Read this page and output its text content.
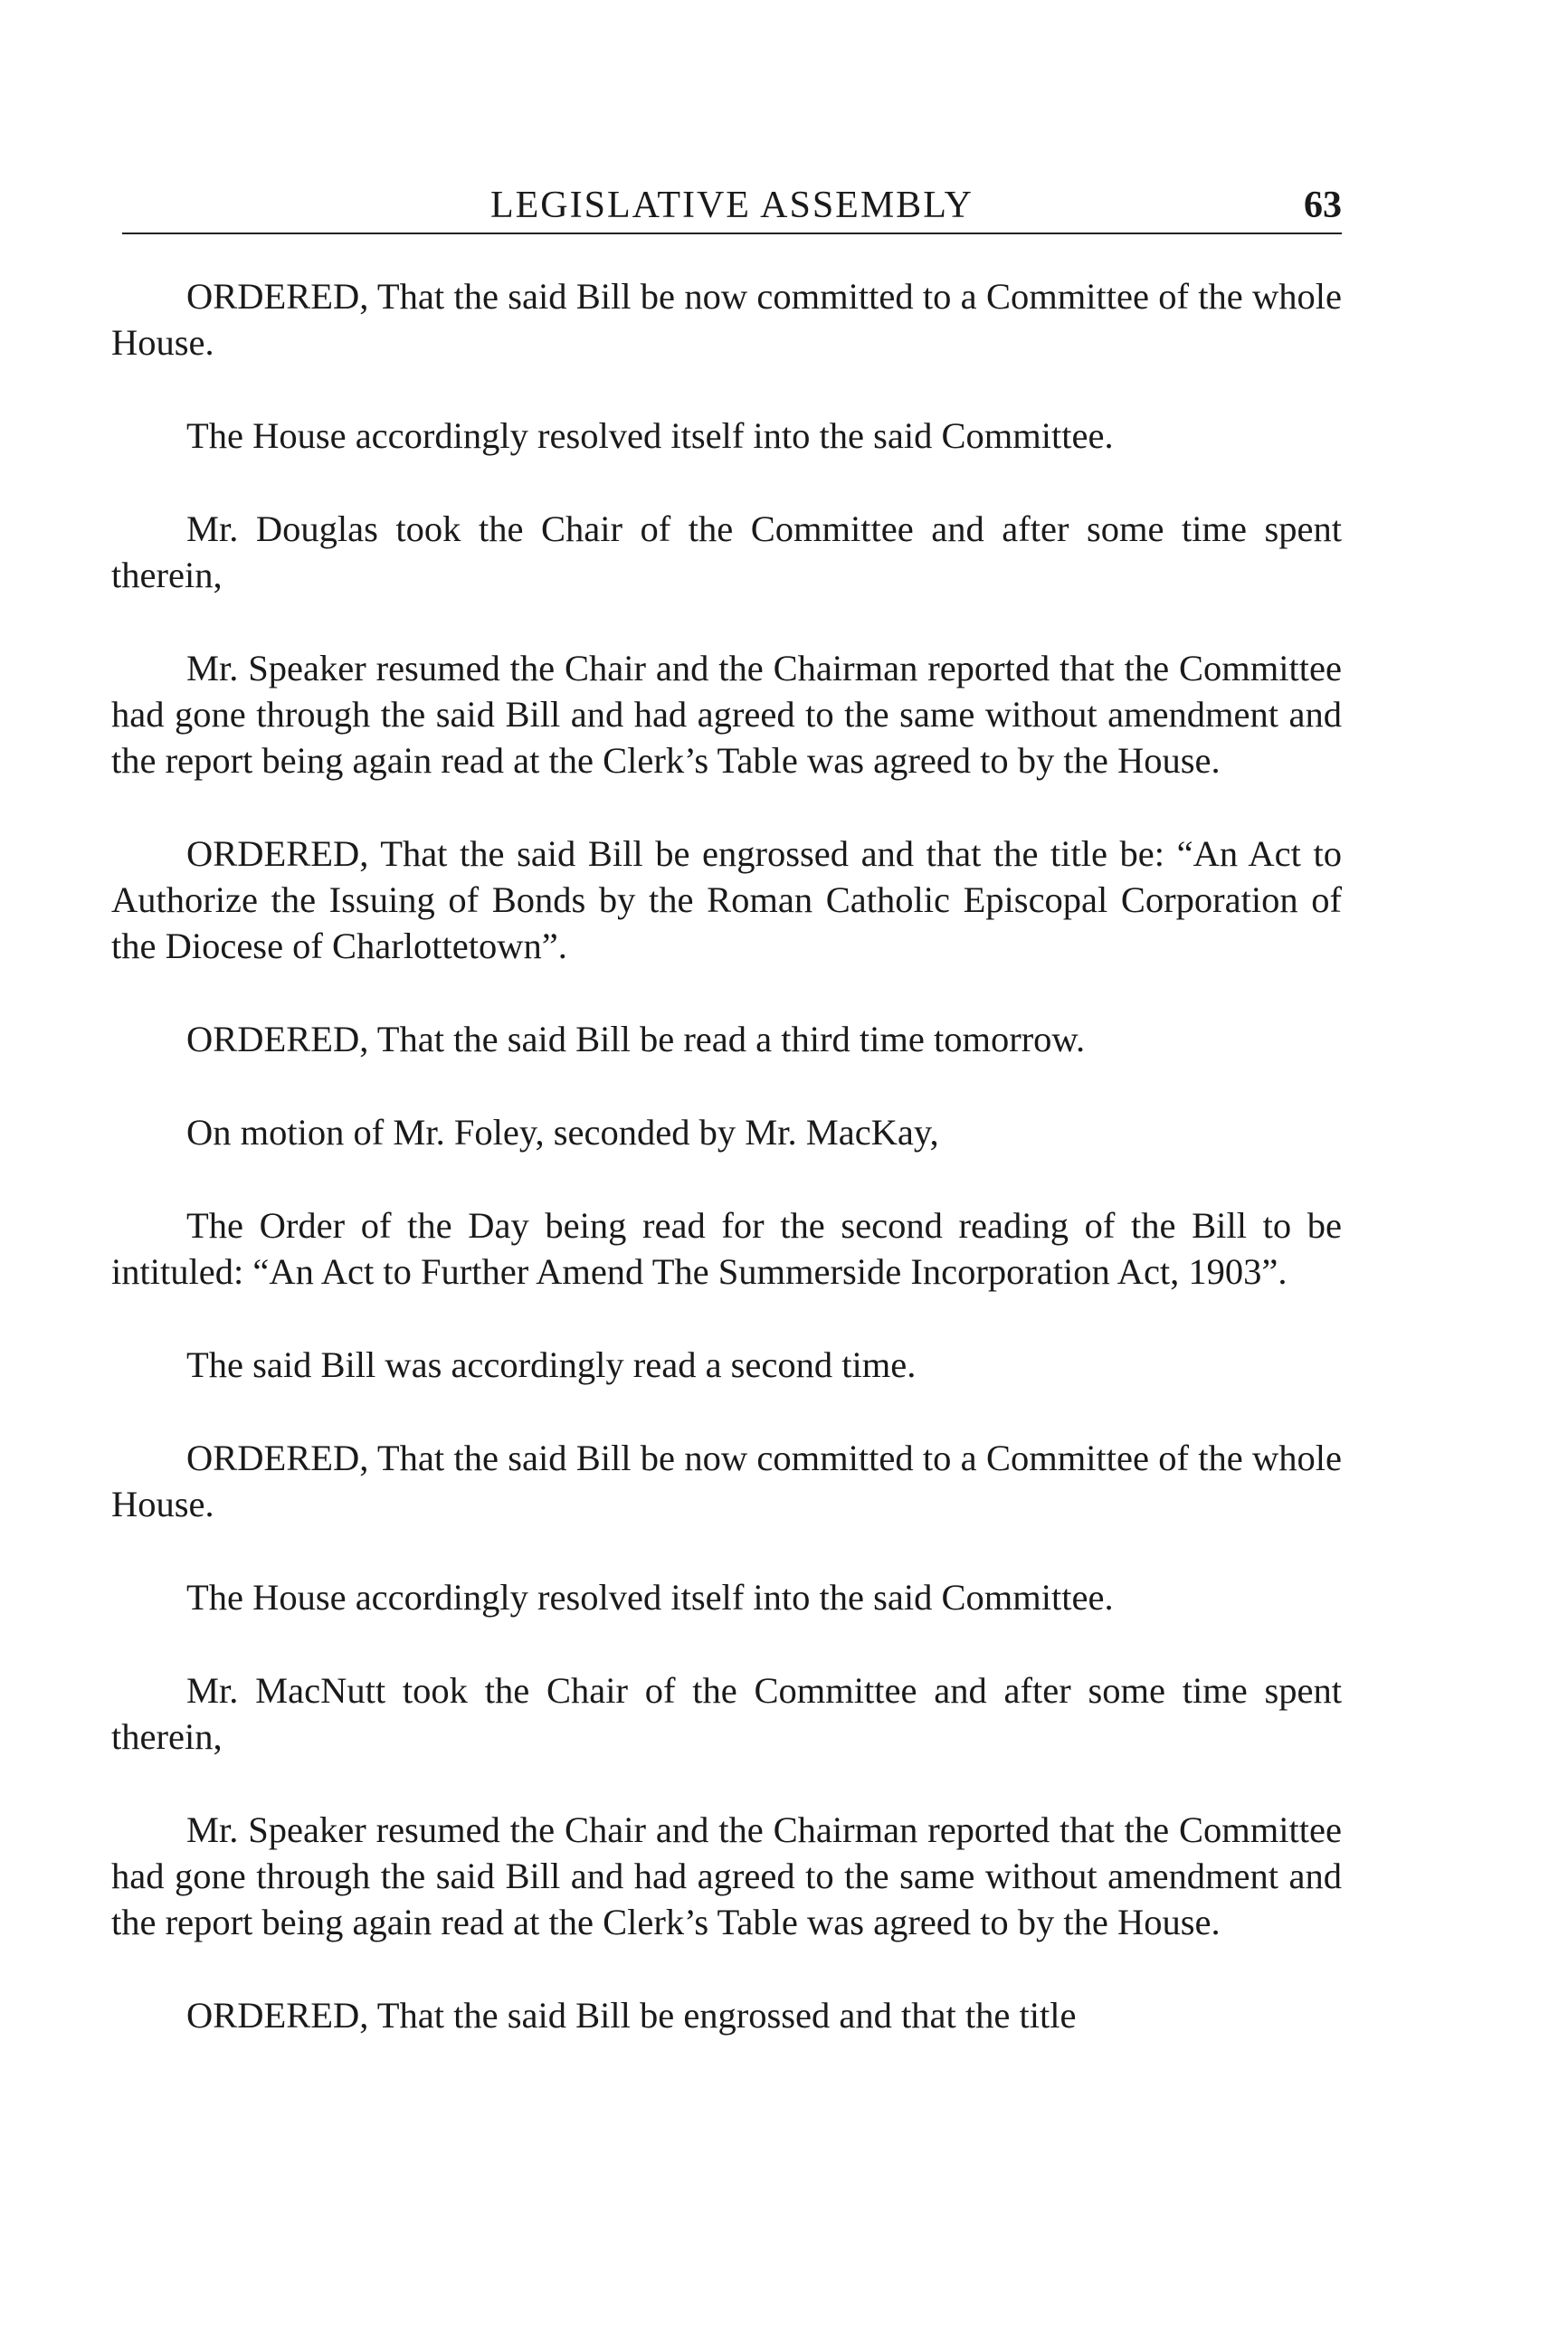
LEGISLATIVE ASSEMBLY	63

ORDERED, That the said Bill be now committed to a Committee of the whole House.

The House accordingly resolved itself into the said Committee.

Mr. Douglas took the Chair of the Committee and after some time spent therein,

Mr. Speaker resumed the Chair and the Chairman reported that the Committee had gone through the said Bill and had agreed to the same without amendment and the report being again read at the Clerk’s Table was agreed to by the House.

ORDERED, That the said Bill be engrossed and that the title be: “An Act to Authorize the Issuing of Bonds by the Roman Catholic Episcopal Corporation of the Diocese of Charlottetown”.

ORDERED, That the said Bill be read a third time tomorrow.

On motion of Mr. Foley, seconded by Mr. MacKay,

The Order of the Day being read for the second reading of the Bill to be intituled: “An Act to Further Amend The Summerside Incorporation Act, 1903”.

The said Bill was accordingly read a second time.

ORDERED, That the said Bill be now committed to a Committee of the whole House.

The House accordingly resolved itself into the said Committee.

Mr. MacNutt took the Chair of the Committee and after some time spent therein,

Mr. Speaker resumed the Chair and the Chairman reported that the Committee had gone through the said Bill and had agreed to the same without amendment and the report being again read at the Clerk’s Table was agreed to by the House.

ORDERED, That the said Bill be engrossed and that the title
